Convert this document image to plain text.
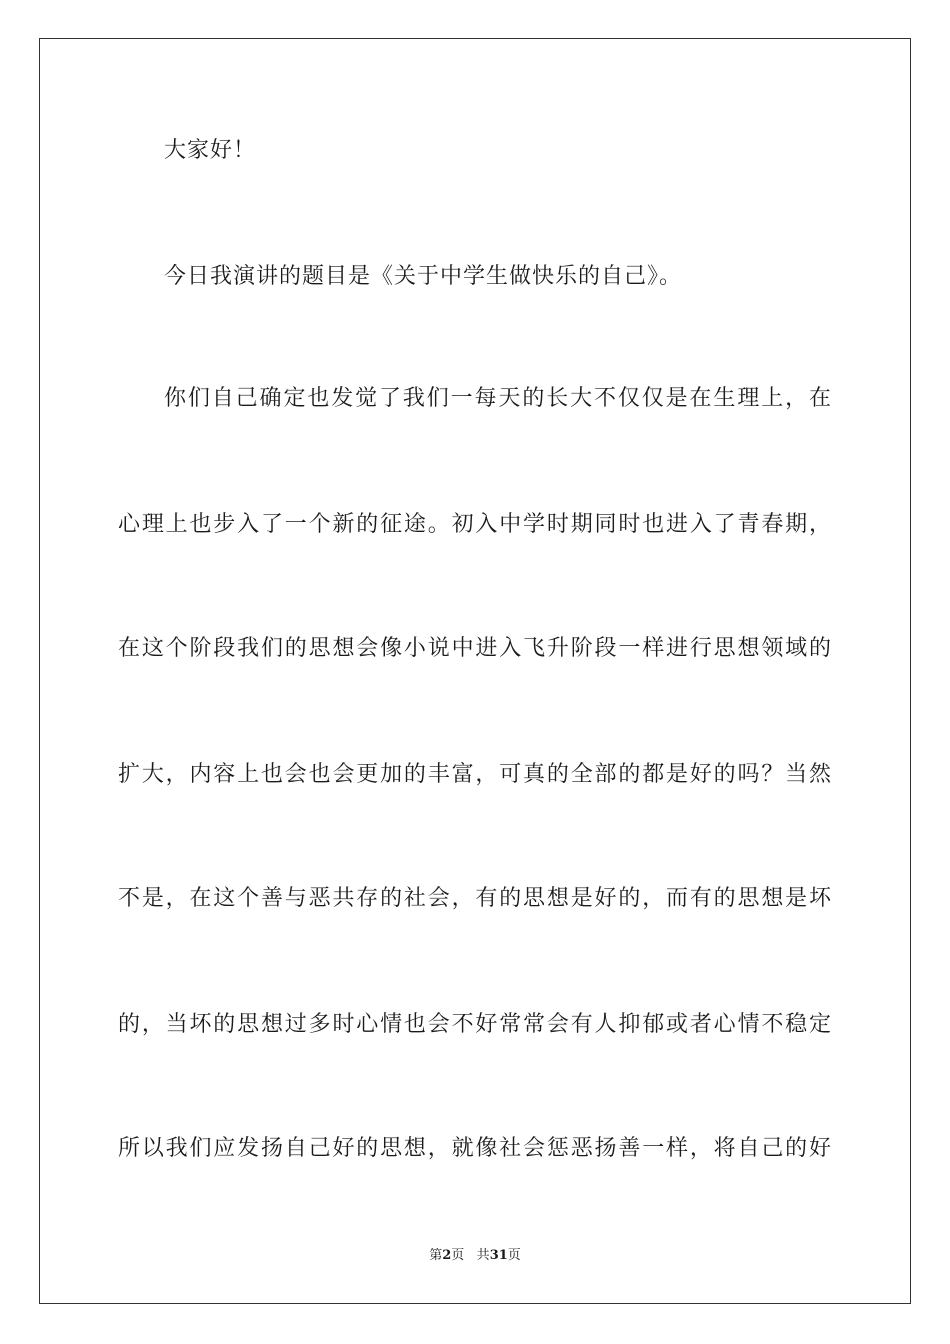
大家好！
今日我演讲的题目是《关于中学生做快乐的自己》。
你们自己确定也发觉了我们一每天的长大不仅仅是在生理上，在
心理上也步入了一个新的征途。初入中学时期同时也进入了青春期，
在这个阶段我们的思想会像小说中进入飞升阶段一样进行思想领域的
扩大，内容上也会也会更加的丰富，可真的全部的都是好的吗？当然
不是，在这个善与恶共存的社会，有的思想是好的，而有的思想是坏
的，当坏的思想过多时心情也会不好常常会有人抑郁或者心情不稳定
所以我们应发扬自己好的思想，就像社会惩恶扬善一样，将自己的好
第2页 共31页
